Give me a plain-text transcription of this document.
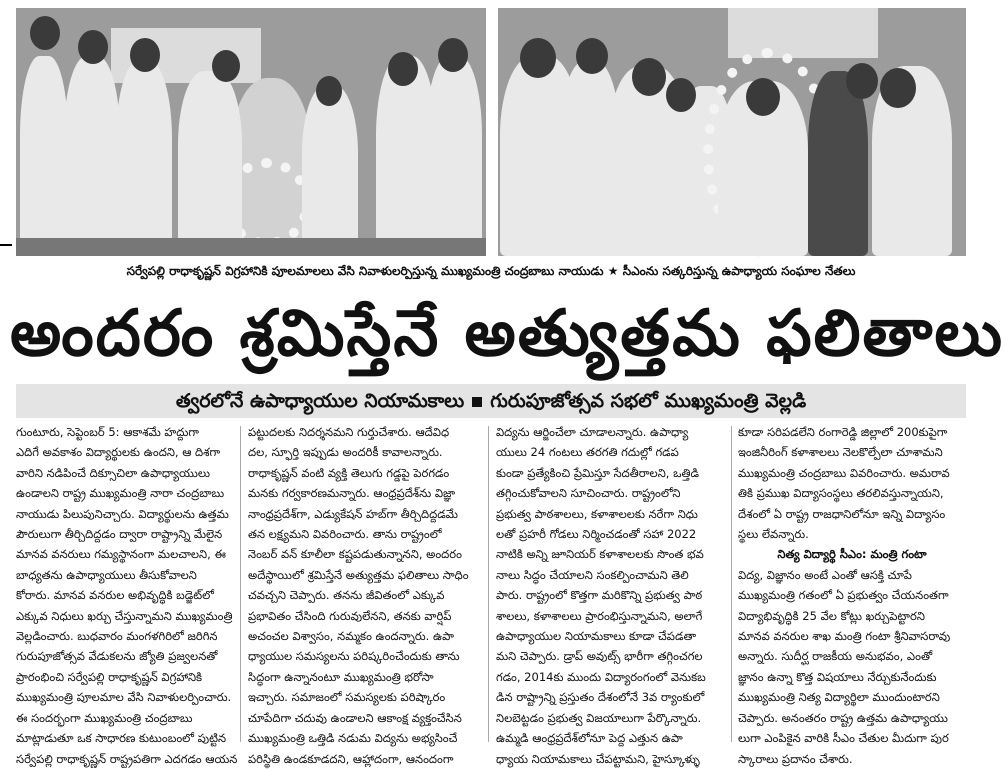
సర్వేపల్లి రాధాకృష్ణన్ విగ్రహానికి పూలమాలలు వేసి నివాళులర్పిస్తున్న ముఖ్యమంత్రి చంద్రబాబు నాయుడు ★ సీఎంను సత్కరిస్తున్న ఉపాధ్యాయ సంఘాల నేతలు
అందరం శ్రమిస్తేనే అత్యుత్తమ ఫలితాలు
త్వరలోనే ఉపాధ్యాయుల నియామకాలు గురుపూజోత్సవ సభలో ముఖ్యమంత్రి వెల్లడి
గుంటూరు, సెప్టెంబర్ 5: ఆకాశమే హద్దుగా
ఎదిగే అవకాశం విద్యార్థులకు ఉందని, ఆ దిశగా
వారిని నడిపించే దిక్సూచిలా ఉపాధ్యాయులు
ఉండాలని రాష్ట్ర ముఖ్యమంత్రి నారా చంద్రబాబు
నాయుడు పిలుపునిచ్చారు. విద్యార్థులను ఉత్తమ
పౌరులుగా తీర్చిదిద్దడం ద్వారా రాష్ట్రాన్ని మేలైన
మానవ వనరులు గమ్యస్థానంగా మలచాలని, ఈ
బాధ్యతను ఉపాధ్యాయులు తీసుకోవాలని
కోరారు. మానవ వనరుల అభివృద్ధికి బడ్జెట్‌లో
ఎక్కువ నిధులు ఖర్చు చేస్తున్నామని ముఖ్యమంత్రి
వెల్లడించారు. బుధవారం మంగళగిరిలో జరిగిన
గురుపూజోత్సవ వేడుకలను జ్యోతి ప్రజ్వలనతో
ప్రారంభించి సర్వేపల్లి రాధాకృష్ణన్ విగ్రహానికి
ముఖ్యమంత్రి పూలమాల వేసి నివాళులర్పించారు.
ఈ సందర్భంగా ముఖ్యమంత్రి చంద్రబాబు
మాట్లాడుతూ ఒక సాధారణ కుటుంబంలో పుట్టిన
సర్వేపల్లి రాధాకృష్ణన్ రాష్ట్రపతిగా ఎదగడం ఆయన
పట్టుదలకు నిదర్శనమని గుర్తుచేశారు. ఆదేవిధ
దల, స్ఫూర్తి ఇప్పుడు అందరికీ కావాలన్నారు.
రాధాకృష్ణన్ వంటి వ్యక్తి తెలుగు గడ్డపై పెరగడం
మనకు గర్వకారణమన్నారు. ఆంధ్రప్రదేశ్‌ను విజ్ఞా
నాంధ్రప్రదేశ్‌గా, ఎడ్యుకేషన్ హబ్‌గా తీర్చిదిద్దడమే
తన లక్ష్యమని వివరించారు. తాను రాష్ట్రంలో
నెంబర్ వన్ కూలీలా కష్టపడుతున్నానని, అందరం
అదేస్థాయిలో శ్రమిస్తేనే అత్యుత్తమ ఫలితాలు సాధిం
చవచ్చని చెప్పారు. తనను జీవితంలో ఎక్కువ
ప్రభావితం చేసింది గురువులేనని, తనకు వార్షిప్
అచంచల విశ్వాసం, నమ్మకం ఉందన్నారు. ఉపా
ధ్యాయుల సమస్యలను పరిష్కరించేందుకు తాను
సిద్ధంగా ఉన్నానంటూ ముఖ్యమంత్రి భరోసా
ఇచ్చారు. సమాజంలో సమస్యలకు పరిష్కారం
చూపేదిగా చదువు ఉండాలని ఆకాంక్ష వ్యక్తంచేసిన
ముఖ్యమంత్రి ఒత్తిడి నడుమ విద్యను అభ్యసించే
పరిస్థితి ఉండకూడదని, ఆహ్లాదంగా, ఆనందంగా
విద్యను ఆర్జించేలా చూడాలన్నారు. ఉపాధ్యా
యులు 24 గంటలు తరగతి గదుల్లో గడప
కుండా ప్రత్యేకించి ప్రేమిస్తూ సేదతీరాలని, ఒత్తిడి
తగ్గించుకోవాలని సూచించారు. రాష్ట్రంలోని
ప్రభుత్వ పాఠశాలలు, కళాశాలలకు నరేగా నిధు
లతో ప్రహరీ గోడలు నిర్మించడంతో సహా 2022
నాటికి అన్ని జూనియర్ కళాశాలలకు సొంత భవ
నాలు సిద్ధం చేయాలని సంకల్పించామని తెలి
పారు. రాష్ట్రంలో కొత్తగా మరికొన్ని ప్రభుత్వ పాఠ
శాలలు, కళాశాలలు ప్రారంభిస్తున్నామని, అలాగే
ఉపాధ్యాయుల నియామకాలు కూడా చేపడతా
మని చెప్పారు. డ్రాప్ అవుట్స్ భారీగా తగ్గించగల
గడం, 2014కు ముందు విద్యారంగంలో వెనుకబ
డిన రాష్ట్రాన్ని ప్రస్తుతం దేశంలోనే 3వ ర్యాంకులో
నిలబెట్టడం ప్రభుత్వ విజయాలుగా పేర్కొన్నారు.
ఉమ్మడి ఆంధ్రప్రదేశ్‌లోనూ పెద్ద ఎత్తున ఉపా
ధ్యాయ నియామకాలు చేపట్టామని, హైస్కూళ్ళు
కూడా సరిపడలేని రంగారెడ్డి జిల్లాలో 200కుపైగా
ఇంజినీరింగ్ కళాశాలలు నెలకొల్పేలా చూశామని
ముఖ్యమంత్రి చంద్రబాబు వివరించారు. అమరావ
తికి ప్రముఖ విద్యాసంస్థలు తరలివస్తున్నాయని,
దేశంలో ఏ రాష్ట్ర రాజధానిలోనూ ఇన్ని విద్యాసం
స్థలు లేవన్నారు.
నిత్య విద్యార్థి సీఎం: మంత్రి గంటా
విద్య, విజ్ఞానం అంటే ఎంతో ఆసక్తి చూపే
ముఖ్యమంత్రి గతంలో ఏ ప్రభుత్వం చేయనంతగా
విద్యాభివృద్ధికి 25 వేల కోట్లు ఖర్చుపెట్టారని
మానవ వనరుల శాఖ మంత్రి గంటా శ్రీనివాసరావు
అన్నారు. సుదీర్ఘ రాజకీయ అనుభవం, ఎంతో
జ్ఞానం ఉన్నా కొత్త విషయాలు నేర్చుకునేందుకు
ముఖ్యమంత్రి నిత్య విద్యార్థిలా ముందుంటారని
చెప్పారు. అనంతరం రాష్ట్ర ఉత్తమ ఉపాధ్యాయు
లుగా ఎంపికైన వారికి సీఎం చేతుల మీదుగా పుర
స్కారాలు ప్రదానం చేశారు.
